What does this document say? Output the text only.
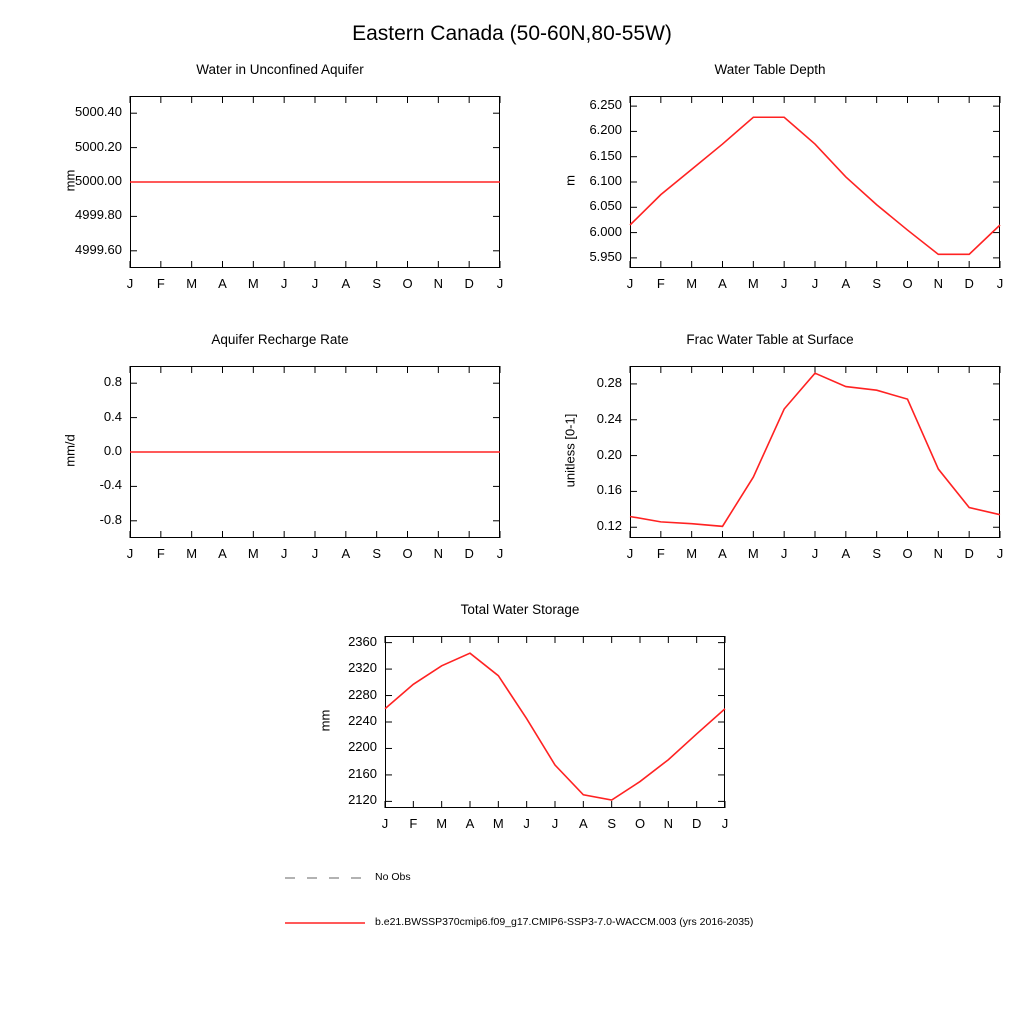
Eastern Canada (50-60N,80-55W)
Water in Unconfined Aquifer	Water Table Depth
Aquifer Recharge Rate	Frac Water Table at Surface
Total Water Storage
4999.60
4999.80
5000.00
5000.20
5000.40
J	F	M	A	M	J	J	A	S	O	N	D	J
mm
5.950
6.000
6.050
6.100
6.150
6.200
6.250
J	F	M	A	M	J	J	A	S	O	N	D	J
m
-0.8
-0.4
0.0
0.4
0.8
J	F	M	A	M	J	J	A	S	O	N	D	J
mm/d
0.12
0.16
0.20
0.24
0.28
J	F	M	A	M	J	J	A	S	O	N	D	J
unitless [0-1]
2120
2160
2200
2240
2280
2320
2360
J	F	M	A	M	J	J	A	S	O	N	D	J
mm
No Obs
b.e21.BWSSP370cmip6.f09_g17.CMIP6-SSP3-7.0-WACCM.003 (yrs 2016-2035)
